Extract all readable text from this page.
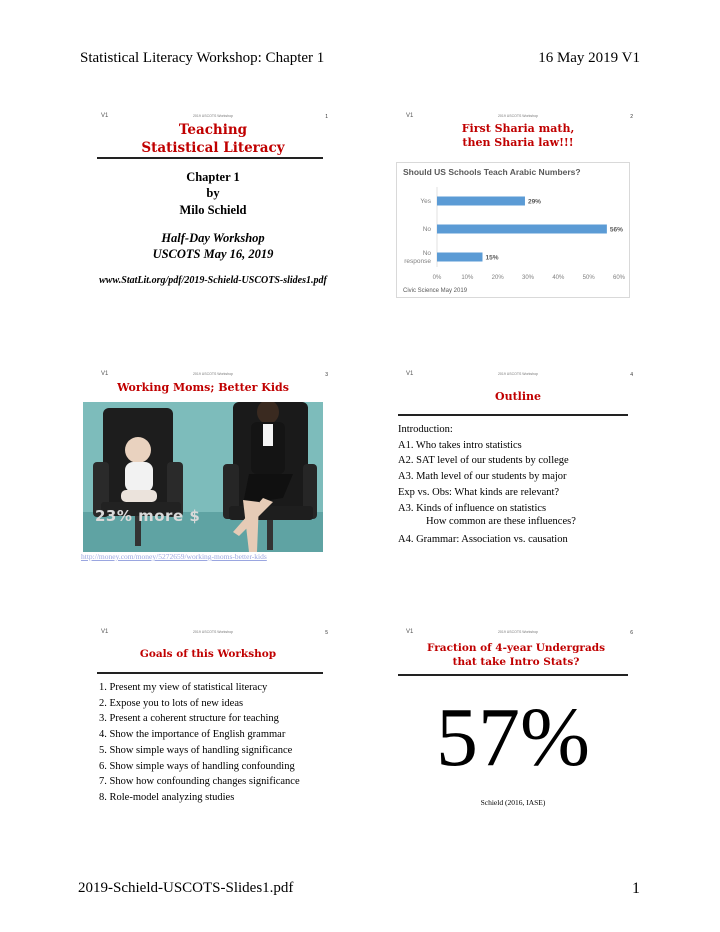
Statistical Literacy Workshop: Chapter 1	16 May 2019 V1
V1	2019 USCOTS Workshop	1
Teaching
Statistical Literacy
Chapter 1
by
Milo Schield
Half-Day Workshop
USCOTS May 16, 2019
www.StatLit.org/pdf/2019-Schield-USCOTS-slides1.pdf
V1	2019 USCOTS Workshop	2
First Sharia math,
then Sharia law!!!
Should US Schools Teach Arabic Numbers?
Yes	29%
No	56%
No response	15%
0%	10%	20%	30%	40%	50%	60%
Civic Science May 2019
V1	2019 USCOTS Workshop	3
Working Moms; Better Kids
23% more $
http://money.com/money/5272659/working-moms-better-kids
V1	2019 USCOTS Workshop	4
Outline
Introduction:
A1. Who takes intro statistics
A2. SAT level of our students by college
A3. Math level of our students by major
Exp vs. Obs: What kinds are relevant?
A3. Kinds of influence on statistics
How common are these influences?
A4. Grammar: Association vs. causation
V1	2019 USCOTS Workshop	5
Goals of this Workshop
1. Present my view of statistical literacy
2. Expose you to lots of new ideas
3. Present a coherent structure for teaching
4. Show the importance of English grammar
5. Show simple ways of handling significance
6. Show simple ways of handling confounding
7. Show how confounding changes significance
8. Role-model analyzing studies
V1	2019 USCOTS Workshop	6
Fraction of 4-year Undergrads
that take Intro Stats?
57%
Schield (2016, IASE)
2019-Schield-USCOTS-Slides1.pdf	1
